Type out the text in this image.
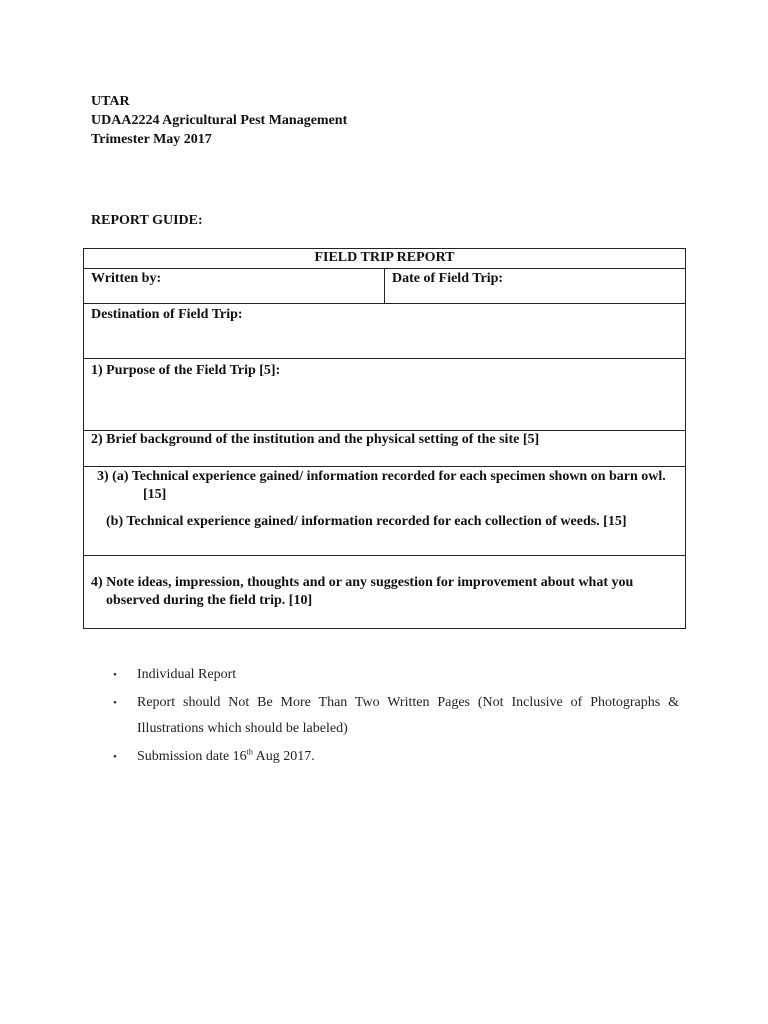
UTAR
UDAA2224 Agricultural Pest Management
Trimester May 2017
REPORT GUIDE:
FIELD TRIP REPORT
Written by:	Date of Field Trip:
Destination of Field Trip:
1) Purpose of the Field Trip [5]:
2) Brief background of the institution and the physical setting of the site [5]
3) (a) Technical experience gained/ information recorded for each specimen shown on barn owl. [15]
(b) Technical experience gained/ information recorded for each collection of weeds. [15]
4) Note ideas, impression, thoughts and or any suggestion for improvement about what you observed during the field trip. [10]
• Individual Report
• Report should Not Be More Than Two Written Pages (Not Inclusive of Photographs & Illustrations which should be labeled)
• Submission date 16th Aug 2017.
